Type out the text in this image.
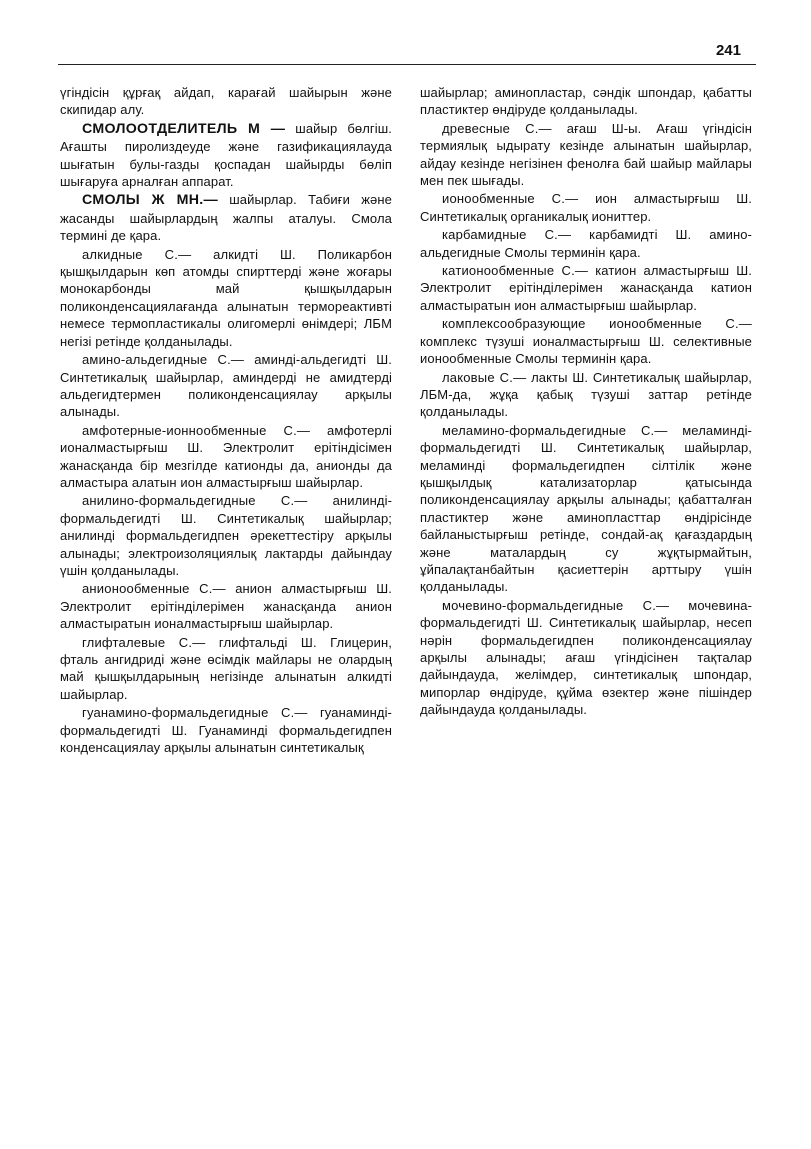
241

үгіндісін құрғақ айдап, карағай шайырын және скипидар алу.

СМОЛООТДЕЛИТЕЛЬ М — шайыр бөлгіш. Ағашты пиролиздеуде және газификациялауда шығатын булы-газды қоспадан шайырды бөліп шығаруға арналған аппарат.

СМОЛЫ Ж МН.— шайырлар. Табиғи және жасанды шайырлардың жалпы аталуы. Смола термині де қара.

алкидные С.— алкидті Ш. Поликарбон қышқылдарын көп атомды спирттерді және жоғары монокарбонды май қышқылдарын поликонденсациялағанда алынатын термореактивті немесе термопластикалы олигомерлі өнімдері; ЛБМ негізі ретінде қолданылады.

амино-альдегидные С.— аминді-альдегидті Ш. Синтетикалық шайырлар, аминдерді не амидтерді альдегидтермен поликонденсациялау арқылы алынады.

амфотерные-ионнообменные С.— амфотерлі ионалмастырғыш Ш. Электролит ерітіндісімен жанасқанда бір мезгілде катионды да, анионды да алмастыра алатын ион алмастырғыш шайырлар.

анилино-формальдегидные С.— анилинді-формальдегидті Ш. Синтетикалық шайырлар; анилинді формальдегидпен әрекеттестіру арқылы алынады; электроизоляциялық лактарды дайындау үшін қолданылады.

анионообменные С.— анион алмастырғыш Ш. Электролит ерітінділерімен жанасқанда анион алмастыратын ионалмастырғыш шайырлар.

глифталевые С.— глифтальді Ш. Глицерин, фталь ангидриді және өсімдік майлары не олардың май қышқылдарының негізінде алынатын алкидті шайырлар.

гуанамино-формальдегидные С.— гуанаминді-формальдегидті Ш. Гуанаминді формальдегидпен конденсациялау арқылы алынатын синтетикалық

шайырлар; аминопластар, сәндік шпондар, қабатты пластиктер өндіруде қолданылады.

древесные С.— ағаш Ш-ы. Ағаш үгіндісін термиялық ыдырату кезінде алынатын шайырлар, айдау кезінде негізінен фенолға бай шайыр майлары мен пек шығады.

ионообменные С.— ион алмастырғыш Ш. Синтетикалық органикалық иониттер.

карбамидные С.— карбамидті Ш. амино-альдегидные Смолы терминін қара.

катионообменные С.— катион алмастырғыш Ш. Электролит ерітінділерімен жанасқанда катион алмастыратын ион алмастырғыш шайырлар.

комплексообразующие ионообменные С.— комплекс түзуші ионалмастырғыш Ш. селективные ионообменные Смолы терминін қара.

лаковые С.— лакты Ш. Синтетикалық шайырлар, ЛБМ-да, жұқа қабық түзуші заттар ретінде қолданылады.

меламино-формальдегидные С.— меламинді-формальдегидті Ш. Синтетикалық шайырлар, меламинді формальдегидпен сілтілік және қышқылдық катализаторлар қатысында поликонденсациялау арқылы алынады; қабатталған пластиктер және аминопласттар өндірісінде байланыстырғыш ретінде, сондай-ақ қағаздардың және маталардың су жұқтырмайтын, ұйпалақтанбайтын қасиеттерін арттыру үшін қолданылады.

мочевино-формальдегидные С.— мочевина-формальдегидті Ш. Синтетикалық шайырлар, несеп нәрін формальдегидпен поликонденсациялау арқылы алынады; ағаш үгіндісінен тақталар дайындауда, желімдер, синтетикалық шпондар, мипорлар өндіруде, құйма өзектер және пішіндер дайындауда қолданылады.
